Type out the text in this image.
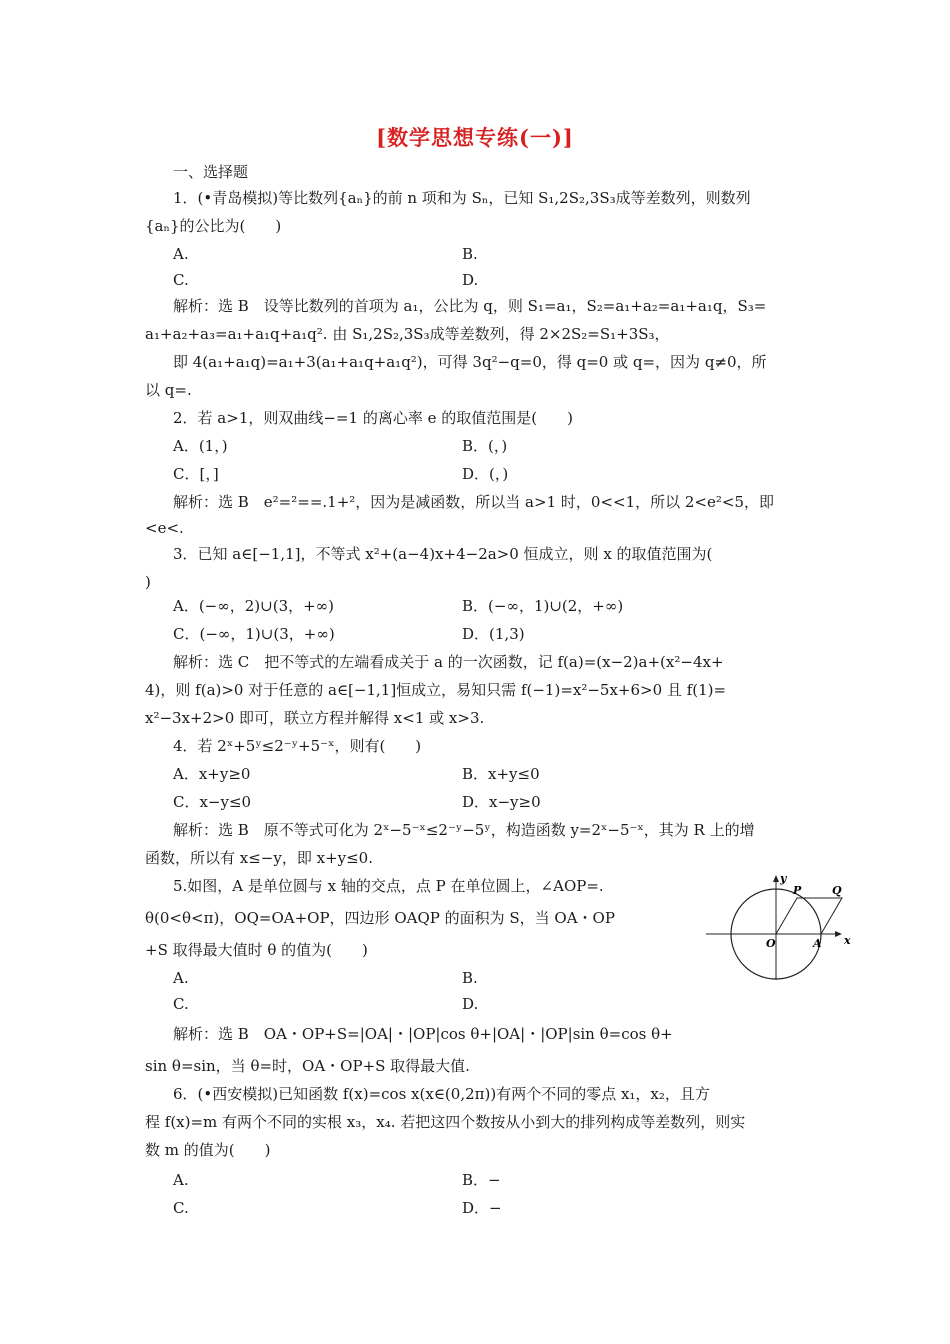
[数学思想专练(一)]
一、选择题
1．(•青岛模拟)等比数列{aₙ}的前 n 项和为 Sₙ，已知 S₁,2S₂,3S₃成等差数列，则数列
{aₙ}的公比为(　　)
A.	B.
C.	D.
解析：选 B　设等比数列的首项为 a₁，公比为 q，则 S₁=a₁，S₂=a₁+a₂=a₁+a₁q，S₃=
a₁+a₂+a₃=a₁+a₁q+a₁q². 由 S₁,2S₂,3S₃成等差数列，得 2×2S₂=S₁+3S₃，
即 4(a₁+a₁q)=a₁+3(a₁+a₁q+a₁q²)，可得 3q²−q=0，得 q=0 或 q=，因为 q≠0，所
以 q=.
2．若 a>1，则双曲线−=1 的离心率 e 的取值范围是(　　)
A．(1，)	B．(，)
C．[，]	D．(，)
解析：选 B　e²=²==.1+²，因为是减函数，所以当 a>1 时，0<<1，所以 2<e²<5，即
<e<.
3．已知 a∈[−1,1]，不等式 x²+(a−4)x+4−2a>0 恒成立，则 x 的取值范围为(
)
A．(−∞，2)∪(3，+∞)	B．(−∞，1)∪(2，+∞)
C．(−∞，1)∪(3，+∞)	D．(1,3)
解析：选 C　把不等式的左端看成关于 a 的一次函数，记 f(a)=(x−2)a+(x²−4x+
4)，则 f(a)>0 对于任意的 a∈[−1,1]恒成立，易知只需 f(−1)=x²−5x+6>0 且 f(1)=
x²−3x+2>0 即可，联立方程并解得 x<1 或 x>3.
4．若 2ˣ+5ʸ≤2⁻ʸ+5⁻ˣ，则有(　　)
A．x+y≥0	B．x+y≤0
C．x−y≤0	D．x−y≥0
解析：选 B　原不等式可化为 2ˣ−5⁻ˣ≤2⁻ʸ−5ʸ，构造函数 y=2ˣ−5⁻ˣ，其为 R 上的增
函数，所以有 x≤−y，即 x+y≤0.
5.如图，A 是单位圆与 x 轴的交点，点 P 在单位圆上，∠AOP=.
θ(0<θ<π)，OQ=OA+OP，四边形 OAQP 的面积为 S，当 OA・OP
+S 取得最大值时 θ 的值为(　　)
A.	B.
C.	D.
解析：选 B　OA・OP+S=|OA|・|OP|cos θ+|OA|・|OP|sin θ=cos θ+
sin θ=sin，当 θ=时，OA・OP+S 取得最大值.
y
x
P	Q
O	A
6．(•西安模拟)已知函数 f(x)=cos x(x∈(0,2π))有两个不同的零点 x₁，x₂，且方
程 f(x)=m 有两个不同的实根 x₃，x₄. 若把这四个数按从小到大的排列构成等差数列，则实
数 m 的值为(　　)
A.	B．−
C.	D．−
